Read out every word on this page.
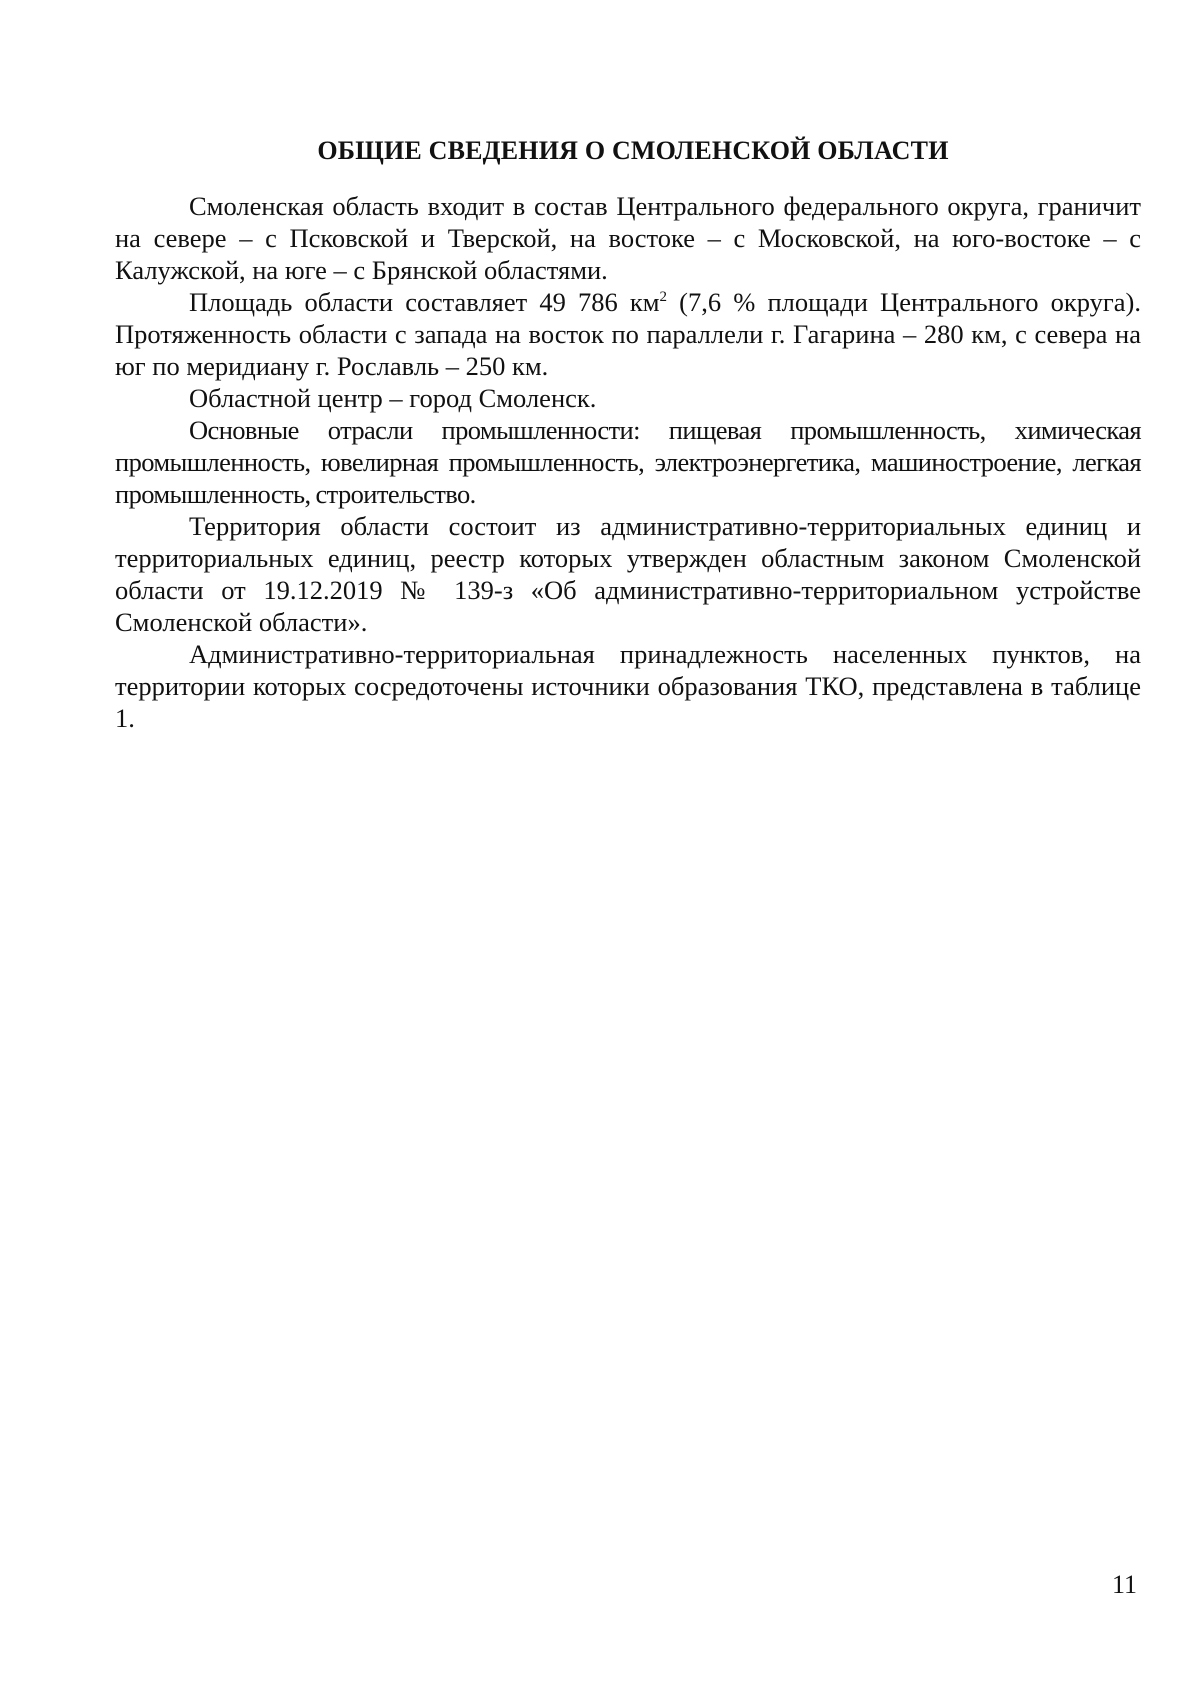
ОБЩИЕ СВЕДЕНИЯ О СМОЛЕНСКОЙ ОБЛАСТИ

Смоленская область входит в состав Центрального федерального округа, граничит на севере – с Псковской и Тверской, на востоке – с Московской, на юго-востоке – с Калужской, на юге – с Брянской областями.

Площадь области составляет 49 786 $км^2$ (7,6 % площади Центрального округа). Протяженность области с запада на восток по параллели г. Гагарина – 280 км, с севера на юг по меридиану г. Рославль – 250 км.

Областной центр – город Смоленск.

Основные отрасли промышленности: пищевая промышленность, химическая промышленность, ювелирная промышленность, электроэнергетика, машиностроение, легкая промышленность, строительство.

Территория области состоит из административно-территориальных единиц и территориальных единиц, реестр которых утвержден областным законом Смоленской области от 19.12.2019 № 139-з «Об административно-территориальном устройстве Смоленской области».

Административно-территориальная принадлежность населенных пунктов, на территории которых сосредоточены источники образования ТКО, представлена в таблице 1.

11
